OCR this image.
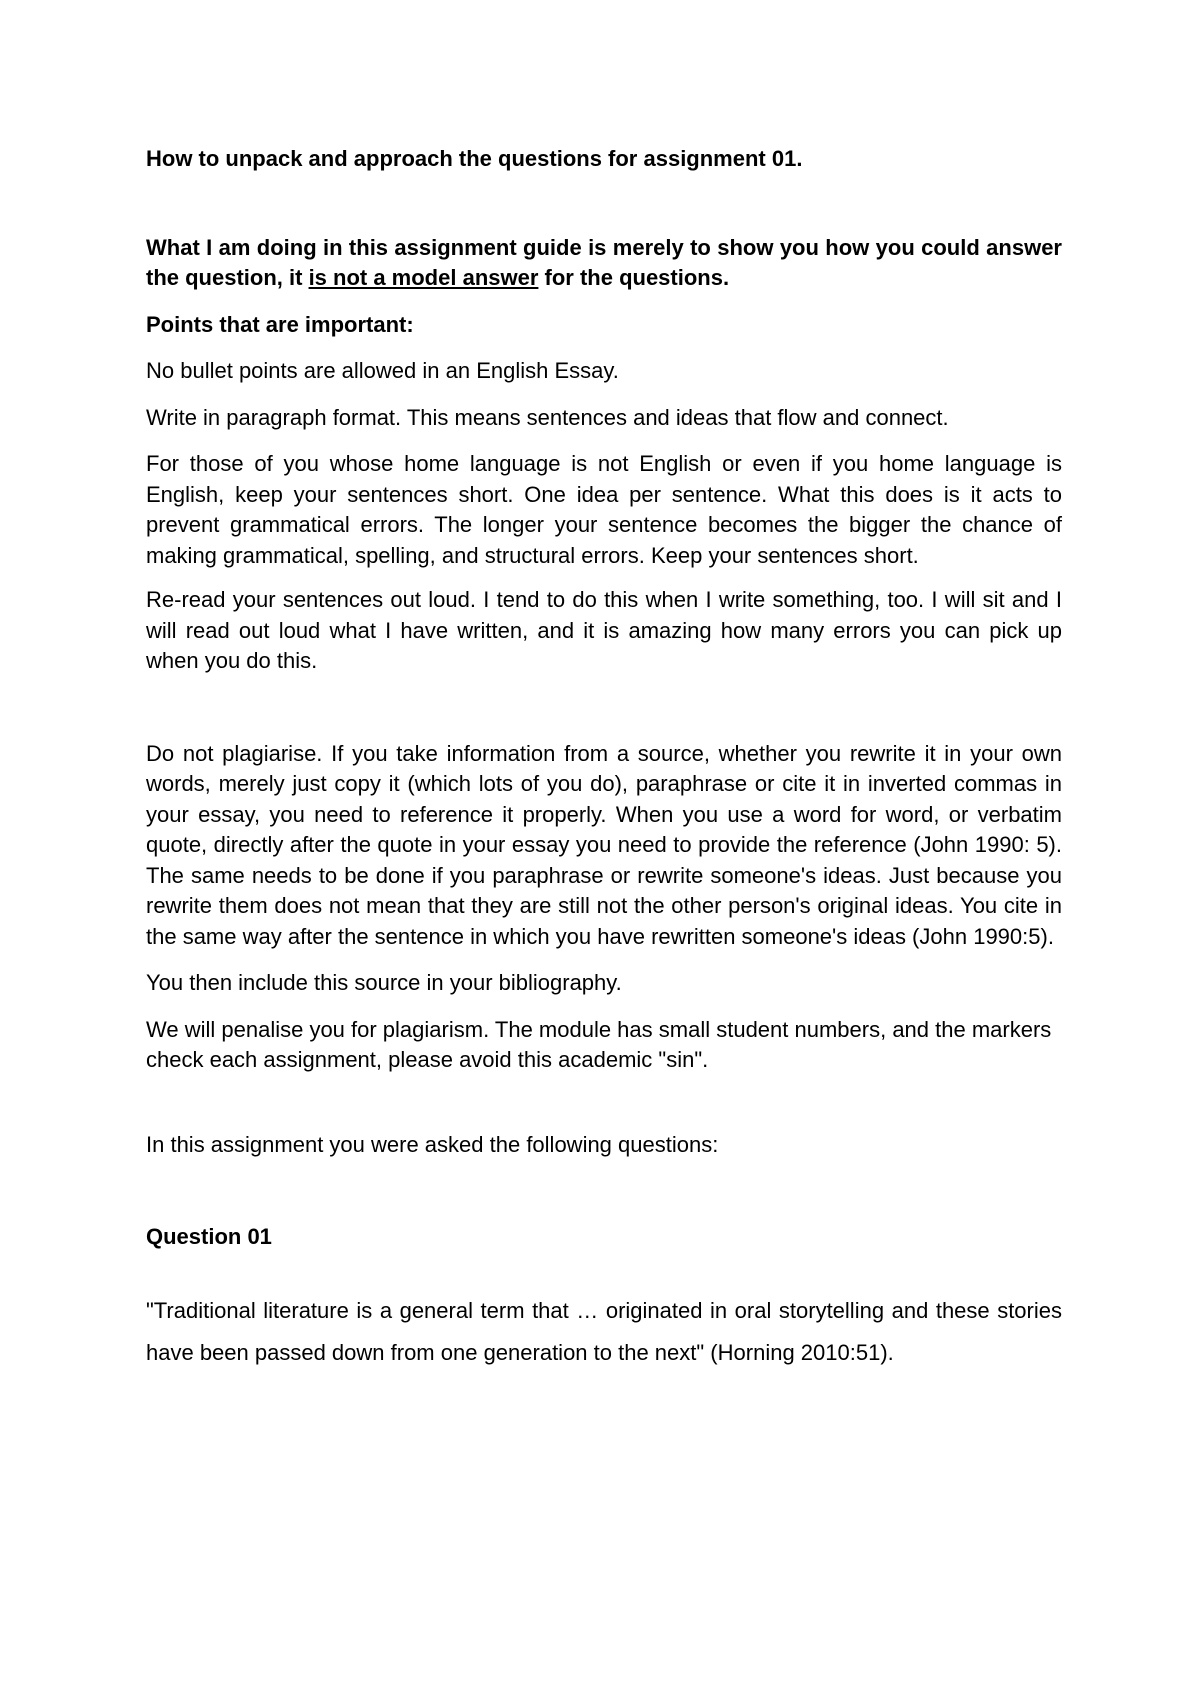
How to unpack and approach the questions for assignment 01.

What I am doing in this assignment guide is merely to show you how you could answer the question, it is not a model answer for the questions.

Points that are important:

No bullet points are allowed in an English Essay.

Write in paragraph format. This means sentences and ideas that flow and connect.

For those of you whose home language is not English or even if you home language is English, keep your sentences short. One idea per sentence. What this does is it acts to prevent grammatical errors. The longer your sentence becomes the bigger the chance of making grammatical, spelling, and structural errors. Keep your sentences short.

Re-read your sentences out loud. I tend to do this when I write something, too. I will sit and I will read out loud what I have written, and it is amazing how many errors you can pick up when you do this.

Do not plagiarise. If you take information from a source, whether you rewrite it in your own words, merely just copy it (which lots of you do), paraphrase or cite it in inverted commas in your essay, you need to reference it properly. When you use a word for word, or verbatim quote, directly after the quote in your essay you need to provide the reference (John 1990: 5). The same needs to be done if you paraphrase or rewrite someone's ideas. Just because you rewrite them does not mean that they are still not the other person's original ideas. You cite in the same way after the sentence in which you have rewritten someone's ideas (John 1990:5).

You then include this source in your bibliography.

We will penalise you for plagiarism. The module has small student numbers, and the markers check each assignment, please avoid this academic "sin".

In this assignment you were asked the following questions:

Question 01

"Traditional literature is a general term that … originated in oral storytelling and these stories have been passed down from one generation to the next" (Horning 2010:51).
